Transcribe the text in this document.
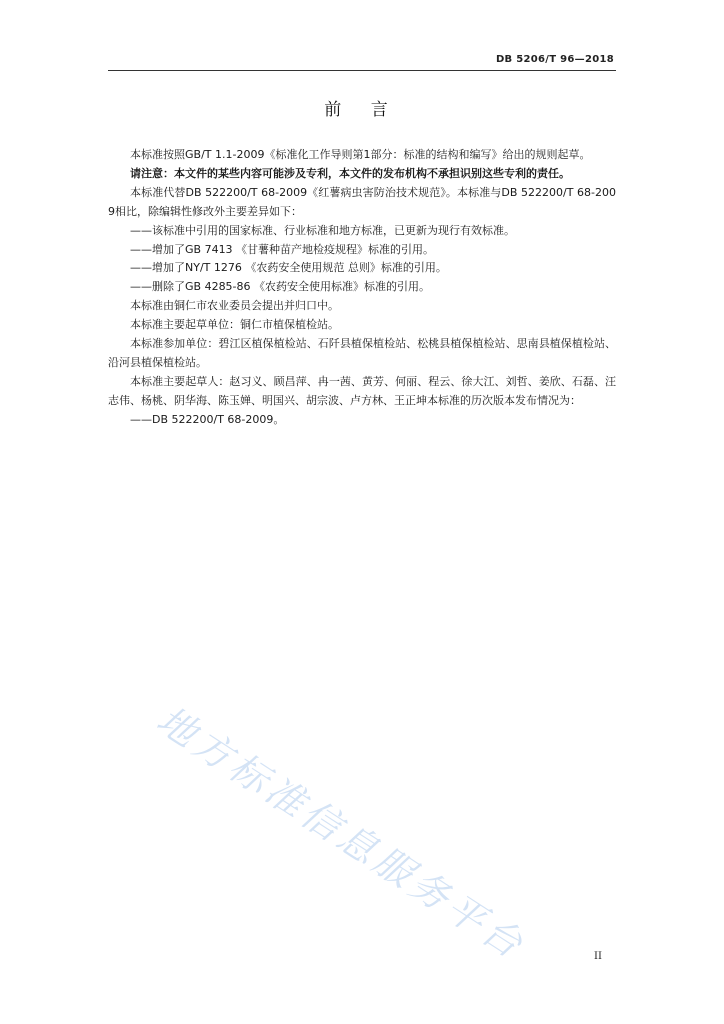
DB 5206/T 96—2018
前 言

本标准按照GB/T 1.1-2009《标准化工作导则第1部分：标准的结构和编写》给出的规则起草。

请注意：本文件的某些内容可能涉及专利，本文件的发布机构不承担识别这些专利的责任。

本标准代替DB 522200/T 68-2009《红薯病虫害防治技术规范》。本标准与DB 522200/T 68-2009相比，除编辑性修改外主要差异如下：

——该标准中引用的国家标准、行业标准和地方标准，已更新为现行有效标准。

——增加了GB 7413 《甘薯种苗产地检疫规程》标准的引用。

——增加了NY/T 1276 《农药安全使用规范 总则》标准的引用。

——删除了GB 4285-86 《农药安全使用标准》标准的引用。

本标准由铜仁市农业委员会提出并归口中。

本标准主要起草单位：铜仁市植保植检站。

本标准参加单位：碧江区植保植检站、石阡县植保植检站、松桃县植保植检站、思南县植保植检站、沿河县植保植检站。

本标准主要起草人：赵习义、顾昌萍、冉一茜、黄芳、何丽、程云、徐大江、刘哲、姜欣、石磊、汪志伟、杨桃、阴华海、陈玉婵、明国兴、胡宗波、卢方林、王正坤本标准的历次版本发布情况为：

——DB 522200/T 68-2009。

地方标准信息服务平台	II
